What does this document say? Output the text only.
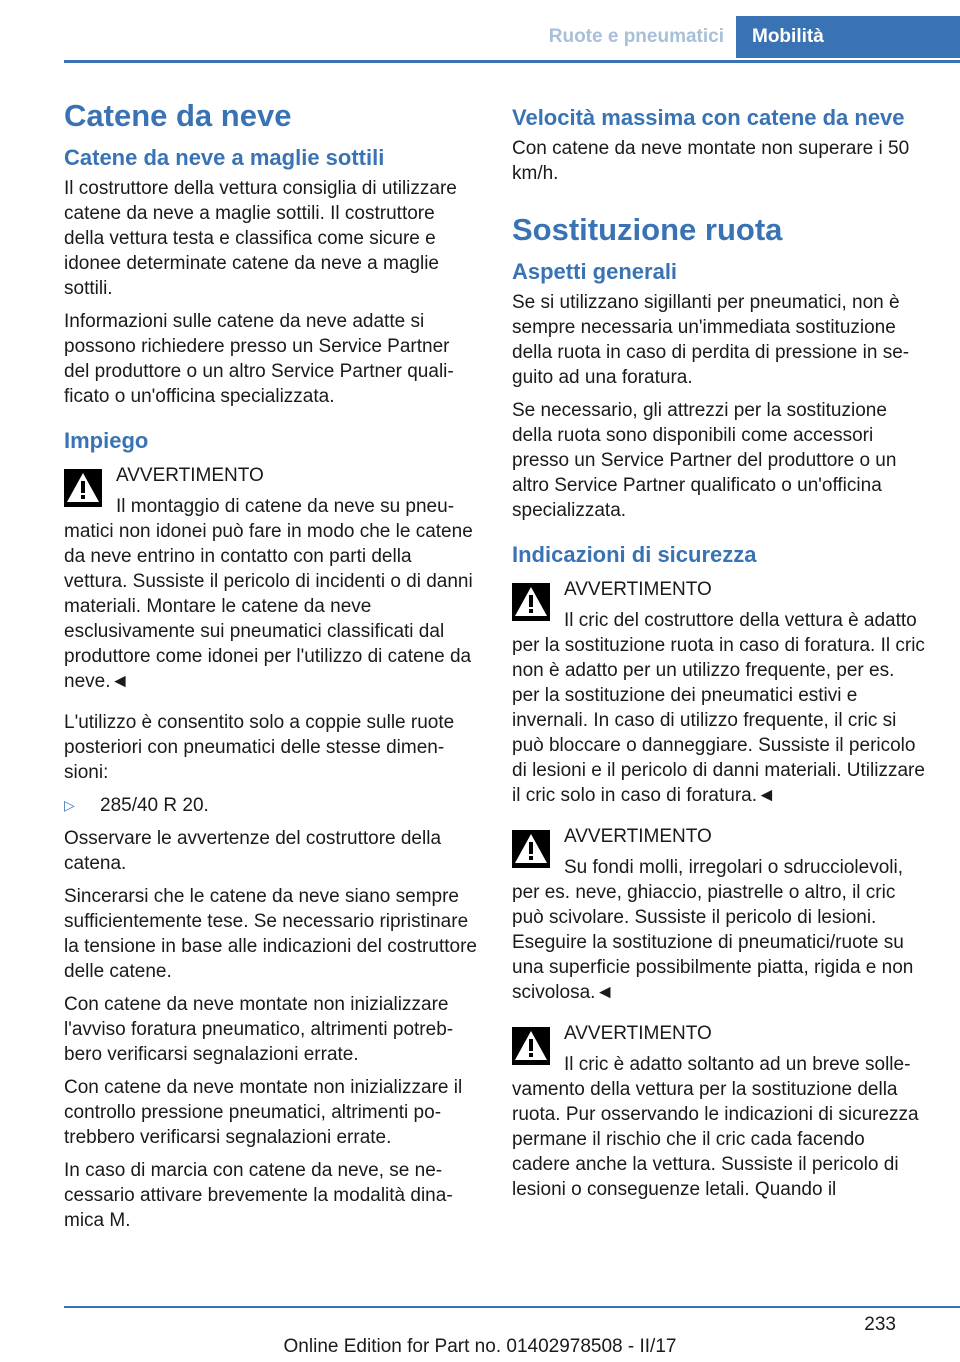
Ruote e pneumatici	Mobilità
Catene da neve
Catene da neve a maglie sottili

Il costruttore della vettura consiglia di utilizzare catene da neve a maglie sottili. Il costruttore della vettura testa e classifica come sicure e idonee determinate catene da neve a maglie sottili.

Informazioni sulle catene da neve adatte si possono richiedere presso un Service Partner del produttore o un altro Service Partner qualificato o un'officina specializzata.

Impiego
AVVERTIMENTO

Il montaggio di catene da neve su pneumatici non idonei può fare in modo che le catene da neve entrino in contatto con parti della vettura. Sussiste il pericolo di incidenti o di danni materiali. Montare le catene da neve esclusivamente sui pneumatici classificati dal produttore come idonei per l'utilizzo di catene da neve.◄

L'utilizzo è consentito solo a coppie sulle ruote posteriori con pneumatici delle stesse dimensioni:

▷ 285/40 R 20.

Osservare le avvertenze del costruttore della catena.

Sincerarsi che le catene da neve siano sempre sufficientemente tese. Se necessario ripristinare la tensione in base alle indicazioni del costruttore delle catene.

Con catene da neve montate non inizializzare l'avviso foratura pneumatico, altrimenti potrebbero verificarsi segnalazioni errate.

Con catene da neve montate non inizializzare il controllo pressione pneumatici, altrimenti potrebbero verificarsi segnalazioni errate.

In caso di marcia con catene da neve, se necessario attivare brevemente la modalità dinamica M.

Velocità massima con catene da neve

Con catene da neve montate non superare i 50 km/h.

Sostituzione ruota
Aspetti generali

Se si utilizzano sigillanti per pneumatici, non è sempre necessaria un'immediata sostituzione della ruota in caso di perdita di pressione in seguito ad una foratura.

Se necessario, gli attrezzi per la sostituzione della ruota sono disponibili come accessori presso un Service Partner del produttore o un altro Service Partner qualificato o un'officina specializzata.

Indicazioni di sicurezza
AVVERTIMENTO

Il cric del costruttore della vettura è adatto per la sostituzione ruota in caso di foratura. Il cric non è adatto per un utilizzo frequente, per es. per la sostituzione dei pneumatici estivi e invernali. In caso di utilizzo frequente, il cric si può bloccare o danneggiare. Sussiste il pericolo di lesioni e il pericolo di danni materiali. Utilizzare il cric solo in caso di foratura.◄

AVVERTIMENTO

Su fondi molli, irregolari o sdrucciolevoli, per es. neve, ghiaccio, piastrelle o altro, il cric può scivolare. Sussiste il pericolo di lesioni. Eseguire la sostituzione di pneumatici/ruote su una superficie possibilmente piatta, rigida e non scivolosa.◄

AVVERTIMENTO

Il cric è adatto soltanto ad un breve sollevamento della vettura per la sostituzione della ruota. Pur osservando le indicazioni di sicurezza permane il rischio che il cric cada facendo cadere anche la vettura. Sussiste il pericolo di lesioni o conseguenze letali. Quando il

233
Online Edition for Part no. 01402978508 - II/17
